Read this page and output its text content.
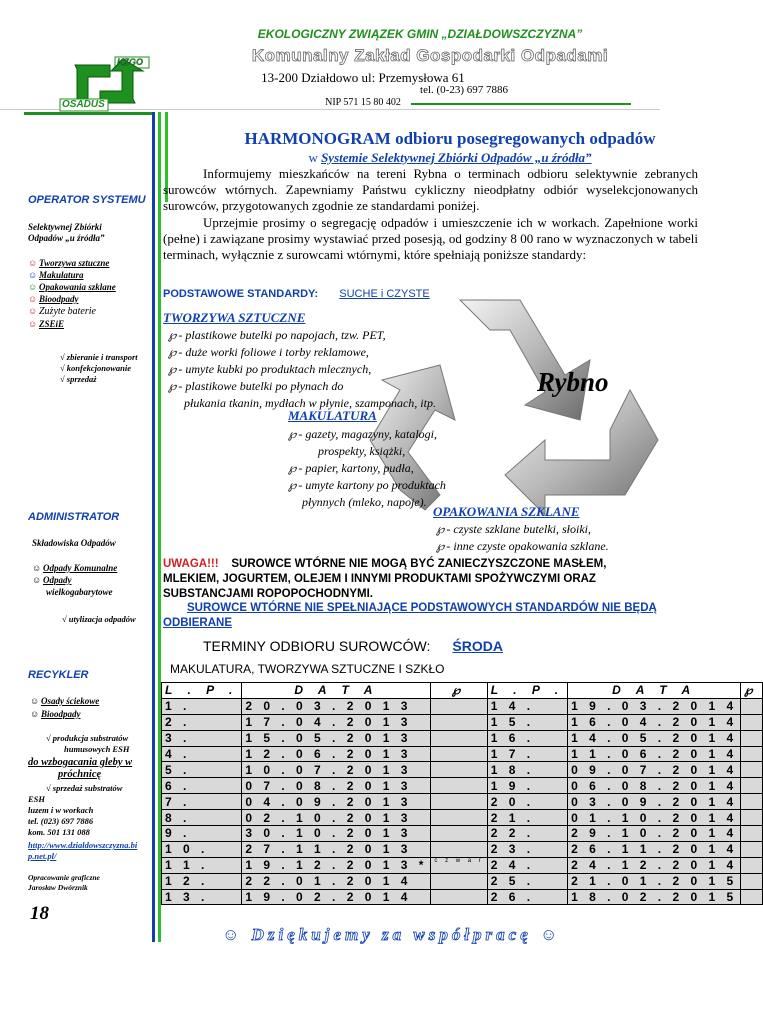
EKOLOGICZNY ZWIĄZEK GMIN „DZIAŁDOWSZCZYZNA”
Komunalny Zakład Gospodarki Odpadami
13-200 Działdowo ul: Przemysłowa 61
tel. (0-23) 697 7886
NIP 571 15 80 402
KZGO
OSADUS
OPERATOR SYSTEMU
Selektywnej Zbiórki
Odpadów „u źródła”
☺ Tworzywa sztuczne
☺ Makulatura
☺ Opakowania szklane
☺ Bioodpady
☺ Zużyte baterie
☺ ZSEiE
√ zbieranie i transport
√ konfekcjonowanie
√ sprzedaż
ADMINISTRATOR
Składowiska Odpadów
☺ Odpady Komunalne
☺ Odpady
wielkogabarytowe
√ utylizacja odpadów
RECYKLER
☺ Osady ściekowe
☺ Bioodpady
√ produkcja substratów
humusowych ESH
do wzbogacania gleby w
próchnicę
√ sprzedaż substratów
ESH
luzem i w workach
tel. (023) 697 7886
kom. 501 131 088
http://www.dzialdowszczyzna.bi
p.net.pl/
Opracowanie graficzne
Jarosław Dwórznik
18
Rybno
HARMONOGRAM odbioru posegregowanych odpadów
w Systemie Selektywnej Zbiórki Odpadów „u źródła”
Informujemy mieszkańców na tereni Rybna o terminach odbioru selektywnie zebranych surowców wtórnych. Zapewniamy Państwu cykliczny nieodpłatny odbiór wyselekcjonowanych surowców, przygotowanych zgodnie ze standardami poniżej.
Uprzejmie prosimy o segregację odpadów i umieszczenie ich w workach. Zapełnione worki (pełne) i zawiązane prosimy wystawiać przed posesją, od godziny 8 00 rano w wyznaczonych w tabeli terminach, wyłącznie z surowcami wtórnymi, które spełniają poniższe standardy:
PODSTAWOWE STANDARDY: SUCHE i CZYSTE
TWORZYWA SZTUCZNE
℘ - plastikowe butelki po napojach, tzw. PET,
℘ - duże worki foliowe i torby reklamowe,
℘ - umyte kubki po produktach mlecznych,
℘ - plastikowe butelki po płynach do
płukania tkanin, mydłach w płynie, szamponach, itp.
MAKULATURA
℘ - gazety, magazyny, katalogi,
prospekty, książki,
℘ - papier, kartony, pudła,
℘ - umyte kartony po produktach
płynnych (mleko, napoje).
OPAKOWANIA SZKLANE
℘ - czyste szklane butelki, słoiki,
℘ - inne czyste opakowania szklane.
UWAGA!!! SUROWCE WTÓRNE NIE MOGĄ BYĆ ZANIECZYSZCZONE MASŁEM,
MLEKIEM, JOGURTEM, OLEJEM I INNYMI PRODUKTAMI SPOŻYWCZYMI ORAZ
SUBSTANCJAMI ROPOPOCHODNYMI.
SUROWCE WTÓRNE NIE SPEŁNIAJĄCE PODSTAWOWYCH STANDARDÓW NIE BĘDĄ
ODBIERANE
TERMINY ODBIORU SUROWCÓW: ŚRODA
MAKULATURA, TWORZYWA SZTUCZNE I SZKŁO
L . P .	D A T A	℘	L . P .	D A T A	℘
1 .	2 0 . 0 3 . 2 0 1 3		1 4 .	1 9 . 0 3 . 2 0 1 4	
2 .	1 7 . 0 4 . 2 0 1 3		1 5 .	1 6 . 0 4 . 2 0 1 4	
3 .	1 5 . 0 5 . 2 0 1 3		1 6 .	1 4 . 0 5 . 2 0 1 4	
4 .	1 2 . 0 6 . 2 0 1 3		1 7 .	1 1 . 0 6 . 2 0 1 4	
5 .	1 0 . 0 7 . 2 0 1 3		1 8 .	0 9 . 0 7 . 2 0 1 4	
6 .	0 7 . 0 8 . 2 0 1 3		1 9 .	0 6 . 0 8 . 2 0 1 4	
7 .	0 4 . 0 9 . 2 0 1 3		2 0 .	0 3 . 0 9 . 2 0 1 4	
8 .	0 2 . 1 0 . 2 0 1 3		2 1 .	0 1 . 1 0 . 2 0 1 4	
9 .	3 0 . 1 0 . 2 0 1 3		2 2 .	2 9 . 1 0 . 2 0 1 4	
1 0 .	2 7 . 1 1 . 2 0 1 3		2 3 .	2 6 . 1 1 . 2 0 1 4	
1 1 .	1 9 . 1 2 . 2 0 1 3 *	c z w a r	2 4 .	2 4 . 1 2 . 2 0 1 4	
1 2 .	2 2 . 0 1 . 2 0 1 4		2 5 .	2 1 . 0 1 . 2 0 1 5	
1 3 .	1 9 . 0 2 . 2 0 1 4		2 6 .	1 8 . 0 2 . 2 0 1 5	
☺ Dziękujemy za współpracę ☺
